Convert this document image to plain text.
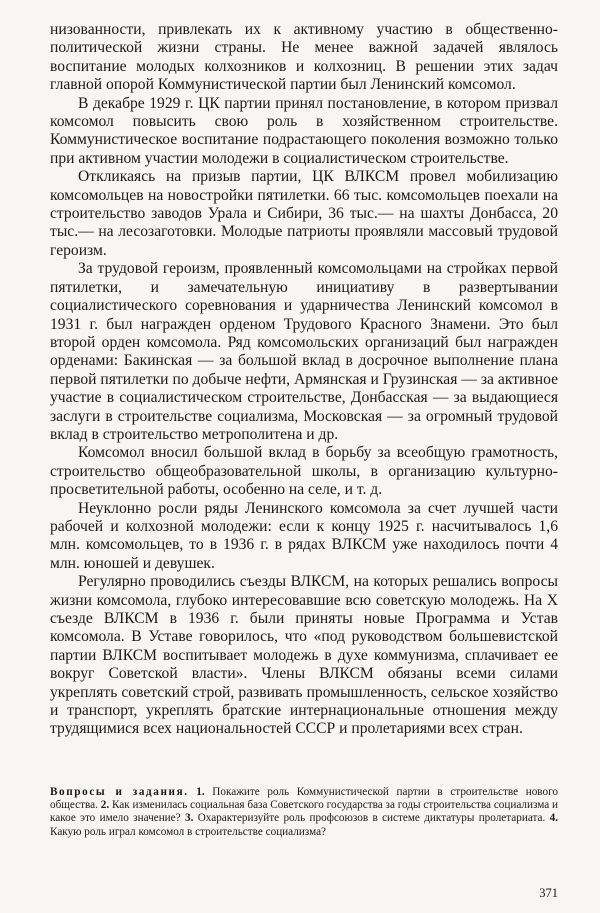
низованности, привлекать их к активному участию в общественно-политической жизни страны. Не менее важной задачей являлось воспитание молодых колхозников и колхозниц. В решении этих задач главной опорой Коммунистической партии был Ленинский комсомол.

В декабре 1929 г. ЦК партии принял постановление, в котором призвал комсомол повысить свою роль в хозяйственном строительстве. Коммунистическое воспитание подрастающего поколения возможно только при активном участии молодежи в социалистическом строительстве.

Откликаясь на призыв партии, ЦК ВЛКСМ провел мобилизацию комсомольцев на новостройки пятилетки. 66 тыс. комсомольцев поехали на строительство заводов Урала и Сибири, 36 тыс.— на шахты Донбасса, 20 тыс.— на лесозаготовки. Молодые патриоты проявляли массовый трудовой героизм.

За трудовой героизм, проявленный комсомольцами на стройках первой пятилетки, и замечательную инициативу в развертывании социалистического соревнования и ударничества Ленинский комсомол в 1931 г. был награжден орденом Трудового Красного Знамени. Это был второй орден комсомола. Ряд комсомольских организаций был награжден орденами: Бакинская — за большой вклад в досрочное выполнение плана первой пятилетки по добыче нефти, Армянская и Грузинская — за активное участие в социалистическом строительстве, Донбасская — за выдающиеся заслуги в строительстве социализма, Московская — за огромный трудовой вклад в строительство метрополитена и др.

Комсомол вносил большой вклад в борьбу за всеобщую грамотность, строительство общеобразовательной школы, в организацию культурно-просветительной работы, особенно на селе, и т. д.

Неуклонно росли ряды Ленинского комсомола за счет лучшей части рабочей и колхозной молодежи: если к концу 1925 г. насчитывалось 1,6 млн. комсомольцев, то в 1936 г. в рядах ВЛКСМ уже находилось почти 4 млн. юношей и девушек.

Регулярно проводились съезды ВЛКСМ, на которых решались вопросы жизни комсомола, глубоко интересовавшие всю советскую молодежь. На X съезде ВЛКСМ в 1936 г. были приняты новые Программа и Устав комсомола. В Уставе говорилось, что «под руководством большевистской партии ВЛКСМ воспитывает молодежь в духе коммунизма, сплачивает ее вокруг Советской власти». Члены ВЛКСМ обязаны всеми силами укреплять советский строй, развивать промышленность, сельское хозяйство и транспорт, укреплять братские интернациональные отношения между трудящимися всех национальностей СССР и пролетариями всех стран.

Вопросы и задания. 1. Покажите роль Коммунистической партии в строительстве нового общества. 2. Как изменилась социальная база Советского государства за годы строительства социализма и какое это имело значение? 3. Охарактеризуйте роль профсоюзов в системе диктатуры пролетариата. 4. Какую роль играл комсомол в строительстве социализма?
371
